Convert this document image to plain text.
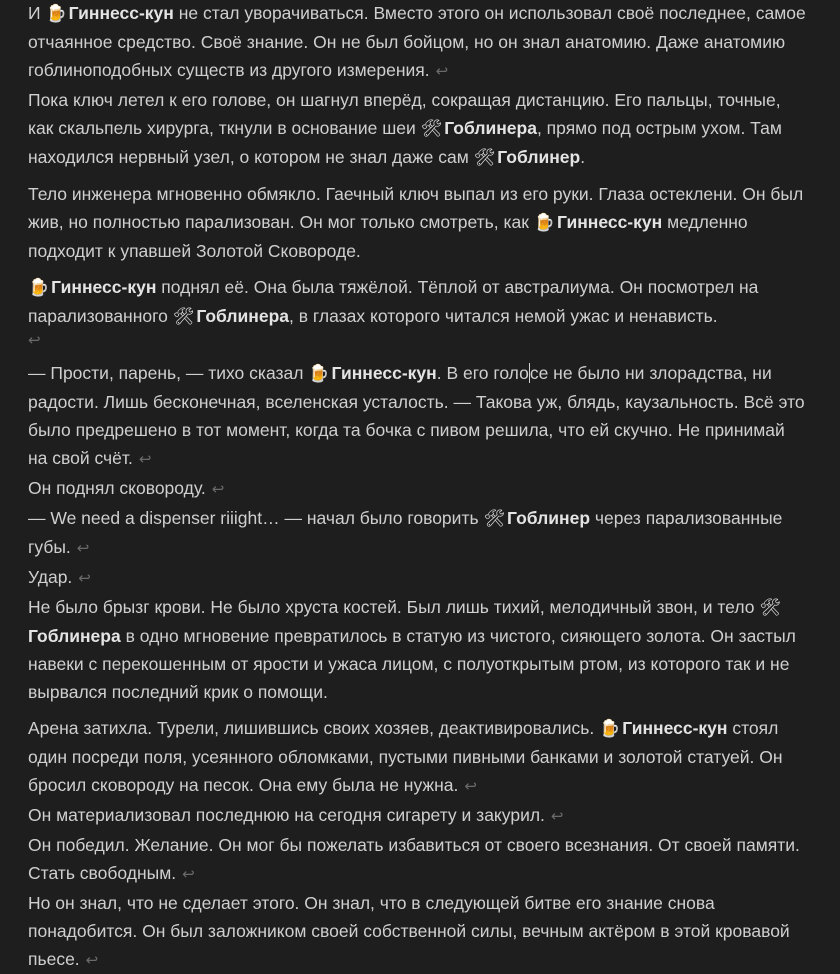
И 🍺 Гиннесс-кун не стал уворачиваться. Вместо этого он использовал своё последнее, самое отчаянное средство. Своё знание. Он не был бойцом, но он знал анатомию. Даже анатомию гоблиноподобных существ из другого измерения. ↩

Пока ключ летел к его голове, он шагнул вперёд, сокращая дистанцию. Его пальцы, точные, как скальпель хирурга, ткнули в основание шеи 🛠 Гоблинера, прямо под острым ухом. Там находился нервный узел, о котором не знал даже сам 🛠 Гоблинер.

Тело инженера мгновенно обмякло. Гаечный ключ выпал из его руки. Глаза остеклени. Он был жив, но полностью парализован. Он мог только смотреть, как 🍺 Гиннесс-кун медленно подходит к упавшей Золотой Сковороде.

🍺 Гиннесс-кун поднял её. Она была тяжёлой. Тёплой от австралиума. Он посмотрел на парализованного 🛠 Гоблинера, в глазах которого читался немой ужас и ненависть.
↩

— Прости, парень, — тихо сказал 🍺 Гиннесс-кун. В его голосе не было ни злорадства, ни радости. Лишь бесконечная, вселенская усталость. — Такова уж, блядь, каузальность. Всё это было предрешено в тот момент, когда та бочка с пивом решила, что ей скучно. Не принимай на свой счёт. ↩

Он поднял сковороду. ↩

— We need a dispenser riiight… — начал было говорить 🛠 Гоблинер через парализованные губы. ↩

Удар. ↩

Не было брызг крови. Не было хруста костей. Был лишь тихий, мелодичный звон, и тело 🛠Гоблинера в одно мгновение превратилось в статую из чистого, сияющего золота. Он застыл навеки с перекошенным от ярости и ужаса лицом, с полуоткрытым ртом, из которого так и не вырвался последний крик о помощи.

Арена затихла. Турели, лишившись своих хозяев, деактивировались. 🍺 Гиннесс-кун стоял один посреди поля, усеянного обломками, пустыми пивными банками и золотой статуей. Он бросил сковороду на песок. Она ему была не нужна. ↩

Он материализовал последнюю на сегодня сигарету и закурил. ↩

Он победил. Желание. Он мог бы пожелать избавиться от своего всезнания. От своей памяти. Стать свободным. ↩

Но он знал, что не сделает этого. Он знал, что в следующей битве его знание снова понадобится. Он был заложником своей собственной силы, вечным актёром в этой кровавой пьесе. ↩
